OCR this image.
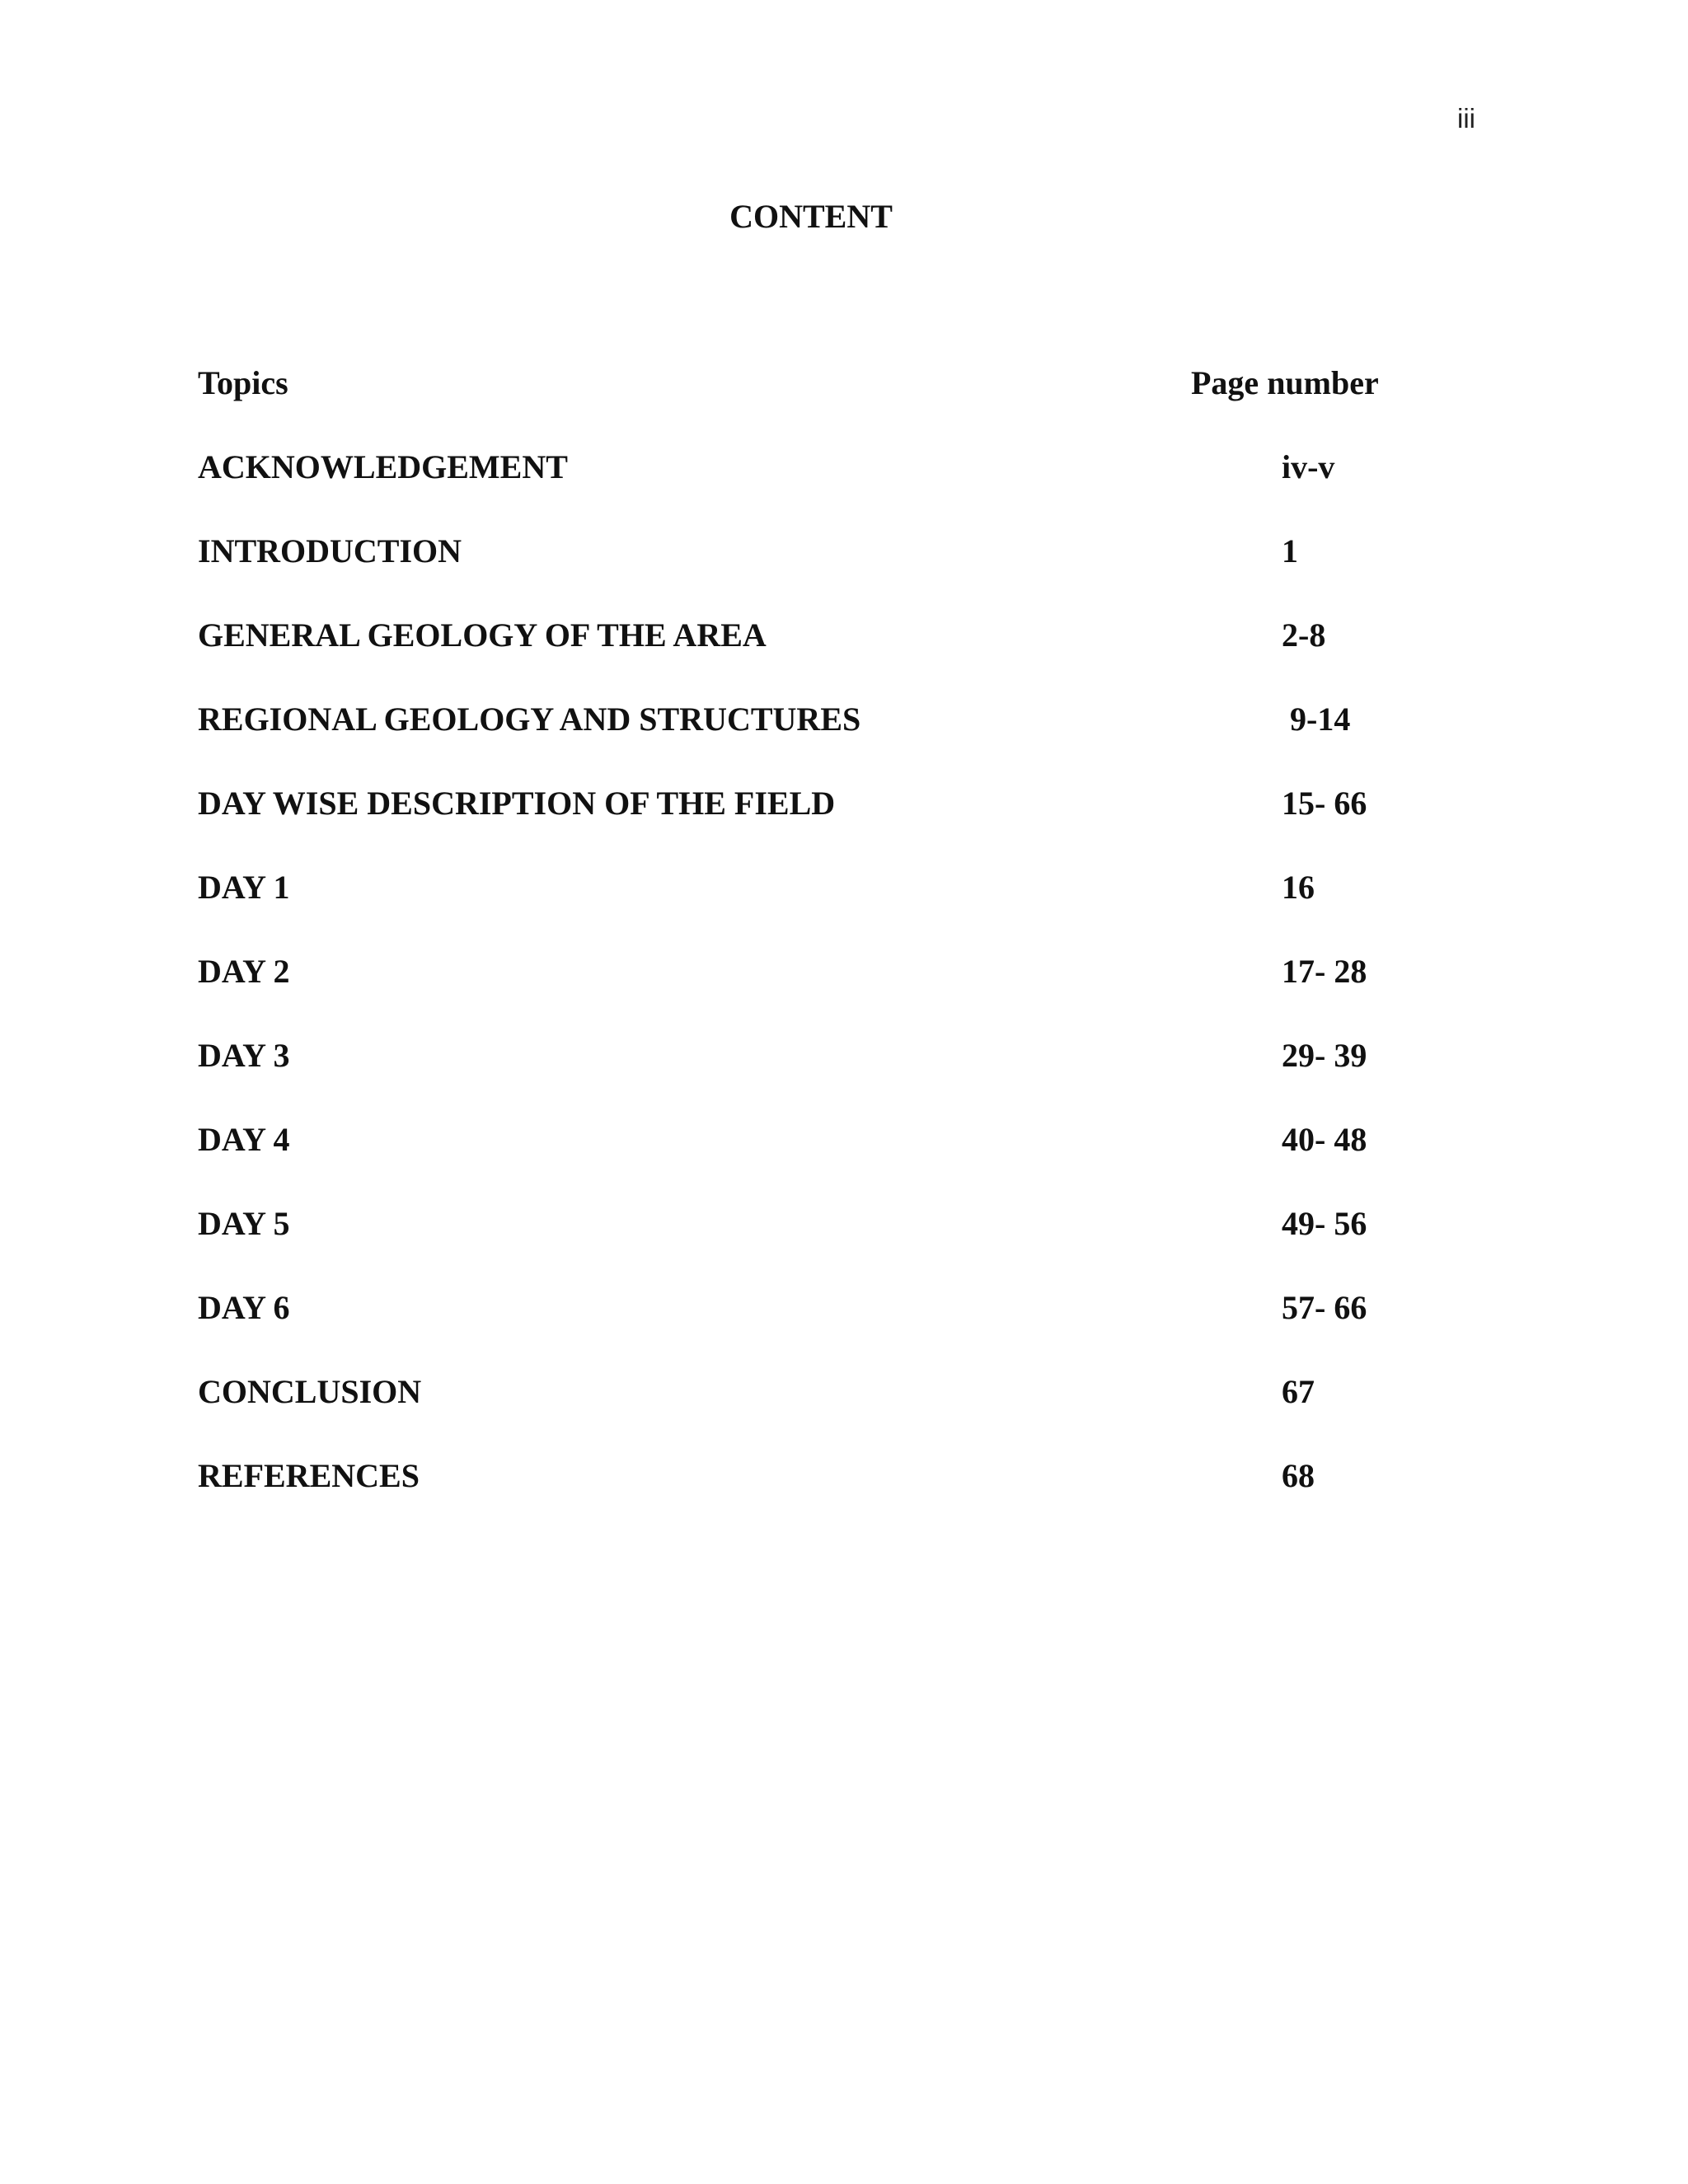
iii
CONTENT
Topics	Page number
ACKNOWLEDGEMENT	iv-v
INTRODUCTION	1
GENERAL GEOLOGY OF THE AREA	2-8
REGIONAL GEOLOGY AND STRUCTURES	9-14
DAY WISE DESCRIPTION OF THE FIELD	15- 66
DAY 1	16
DAY 2	17- 28
DAY 3	29- 39
DAY 4	40- 48
DAY 5	49- 56
DAY 6	57- 66
CONCLUSION	67
REFERENCES	68
